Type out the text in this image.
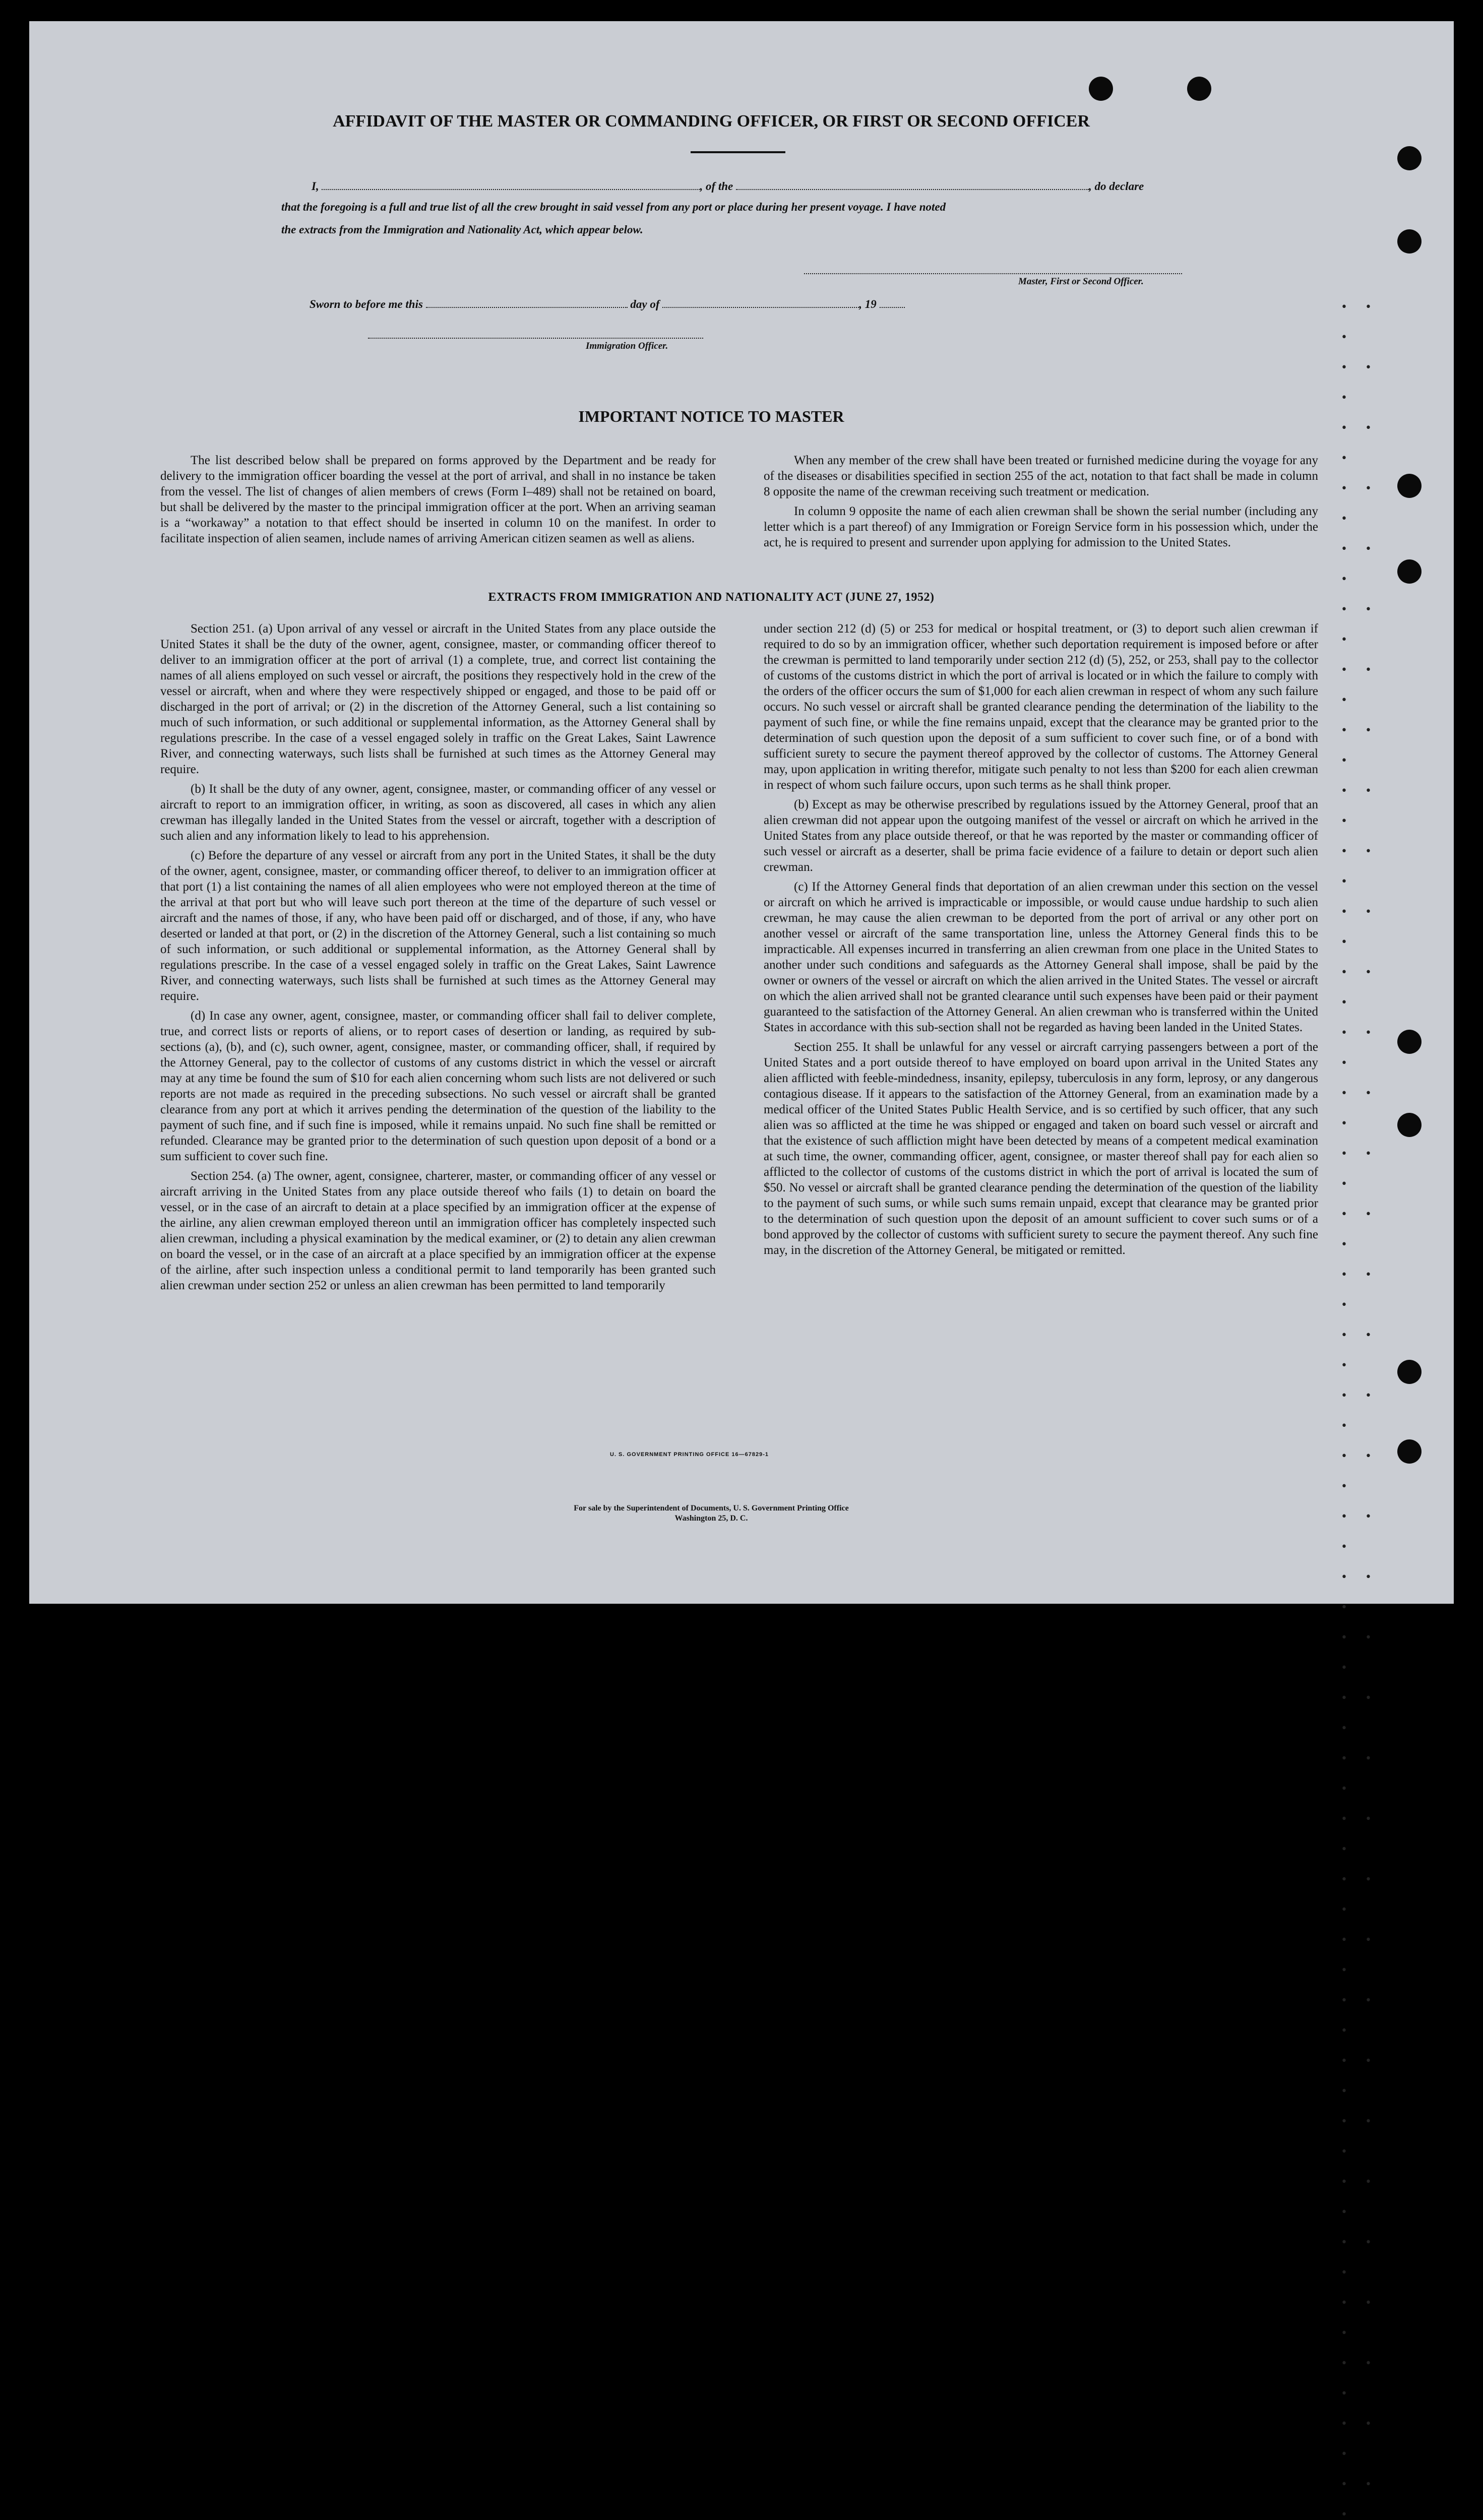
• • •
• • •
• • •
• • •
• • •
• • •
• • •
• • •
• • •
• • •
• • •
• • •
• • •
• • •
• • •
• • •
• • •
• • •
• • •
• • •
• • •
• • •
• • •
• • •
• • •
• • •
• • •
• • •
• • •
• • •
• • •
• • •
• • •
• • •
• • •
• • •
• • •

AFFIDAVIT OF THE MASTER OR COMMANDING OFFICER, OR FIRST OR SECOND OFFICER
I,	, of the	, do declare
that the foregoing is a full and true list of all the crew brought in said vessel from any port or place during her present voyage. I have noted
the extracts from the Immigration and Nationality Act, which appear below.
Master, First or Second Officer.
Sworn to before me this	day of	, 19
Immigration Officer.
IMPORTANT NOTICE TO MASTER

The list described below shall be prepared on forms approved by the Department and be ready for delivery to the immigration officer boarding the vessel at the port of arrival, and shall in no instance be taken from the vessel. The list of changes of alien members of crews (Form I–489) shall not be retained on board, but shall be delivered by the master to the principal immigration officer at the port. When an arriving seaman is a “workaway” a notation to that effect should be inserted in column 10 on the manifest. In order to facilitate inspection of alien seamen, include names of arriving American citizen seamen as well as aliens.

When any member of the crew shall have been treated or furnished medicine during the voyage for any of the diseases or disabilities specified in section 255 of the act, notation to that fact shall be made in column 8 opposite the name of the crewman receiving such treatment or medication.

In column 9 opposite the name of each alien crewman shall be shown the serial number (including any letter which is a part thereof) of any Immigration or Foreign Service form in his possession which, under the act, he is required to present and surrender upon applying for admission to the United States.

EXTRACTS FROM IMMIGRATION AND NATIONALITY ACT (JUNE 27, 1952)

Section 251. (a) Upon arrival of any vessel or aircraft in the United States from any place outside the United States it shall be the duty of the owner, agent, consignee, master, or commanding officer thereof to deliver to an immigration officer at the port of arrival (1) a complete, true, and correct list containing the names of all aliens employed on such vessel or aircraft, the positions they respectively hold in the crew of the vessel or aircraft, when and where they were respectively shipped or engaged, and those to be paid off or discharged in the port of arrival; or (2) in the discretion of the Attorney General, such a list containing so much of such information, or such additional or supplemental information, as the Attorney General shall by regulations prescribe. In the case of a vessel engaged solely in traffic on the Great Lakes, Saint Lawrence River, and connecting waterways, such lists shall be furnished at such times as the Attorney General may require.

(b) It shall be the duty of any owner, agent, consignee, master, or commanding officer of any vessel or aircraft to report to an immigration officer, in writing, as soon as discovered, all cases in which any alien crewman has illegally landed in the United States from the vessel or aircraft, together with a description of such alien and any information likely to lead to his apprehension.

(c) Before the departure of any vessel or aircraft from any port in the United States, it shall be the duty of the owner, agent, consignee, master, or commanding officer thereof, to deliver to an immigration officer at that port (1) a list containing the names of all alien employees who were not employed thereon at the time of the arrival at that port but who will leave such port thereon at the time of the departure of such vessel or aircraft and the names of those, if any, who have been paid off or discharged, and of those, if any, who have deserted or landed at that port, or (2) in the discretion of the Attorney General, such a list containing so much of such information, or such additional or supplemental information, as the Attorney General shall by regulations prescribe. In the case of a vessel engaged solely in traffic on the Great Lakes, Saint Lawrence River, and connecting waterways, such lists shall be furnished at such times as the Attorney General may require.

(d) In case any owner, agent, consignee, master, or commanding officer shall fail to deliver complete, true, and correct lists or reports of aliens, or to report cases of desertion or landing, as required by sub-sections (a), (b), and (c), such owner, agent, consignee, master, or commanding officer, shall, if required by the Attorney General, pay to the collector of customs of any customs district in which the vessel or aircraft may at any time be found the sum of $10 for each alien concerning whom such lists are not delivered or such reports are not made as required in the preceding subsections. No such vessel or aircraft shall be granted clearance from any port at which it arrives pending the determination of the question of the liability to the payment of such fine, and if such fine is imposed, while it remains unpaid. No such fine shall be remitted or refunded. Clearance may be granted prior to the determination of such question upon deposit of a bond or a sum sufficient to cover such fine.

Section 254. (a) The owner, agent, consignee, charterer, master, or commanding officer of any vessel or aircraft arriving in the United States from any place outside thereof who fails (1) to detain on board the vessel, or in the case of an aircraft to detain at a place specified by an immigration officer at the expense of the airline, any alien crewman employed thereon until an immigration officer has completely inspected such alien crewman, including a physical examination by the medical examiner, or (2) to detain any alien crewman on board the vessel, or in the case of an aircraft at a place specified by an immigration officer at the expense of the airline, after such inspection unless a conditional permit to land temporarily has been granted such alien crewman under section 252 or unless an alien crewman has been permitted to land temporarily

under section 212 (d) (5) or 253 for medical or hospital treatment, or (3) to deport such alien crewman if required to do so by an immigration officer, whether such deportation requirement is imposed before or after the crewman is permitted to land temporarily under section 212 (d) (5), 252, or 253, shall pay to the collector of customs of the customs district in which the port of arrival is located or in which the failure to comply with the orders of the officer occurs the sum of $1,000 for each alien crewman in respect of whom any such failure occurs. No such vessel or aircraft shall be granted clearance pending the determination of the liability to the payment of such fine, or while the fine remains unpaid, except that the clearance may be granted prior to the determination of such question upon the deposit of a sum sufficient to cover such fine, or of a bond with sufficient surety to secure the payment thereof approved by the collector of customs. The Attorney General may, upon application in writing therefor, mitigate such penalty to not less than $200 for each alien crewman in respect of whom such failure occurs, upon such terms as he shall think proper.

(b) Except as may be otherwise prescribed by regulations issued by the Attorney General, proof that an alien crewman did not appear upon the outgoing manifest of the vessel or aircraft on which he arrived in the United States from any place outside thereof, or that he was reported by the master or commanding officer of such vessel or aircraft as a deserter, shall be prima facie evidence of a failure to detain or deport such alien crewman.

(c) If the Attorney General finds that deportation of an alien crewman under this section on the vessel or aircraft on which he arrived is impracticable or impossible, or would cause undue hardship to such alien crewman, he may cause the alien crewman to be deported from the port of arrival or any other port on another vessel or aircraft of the same transportation line, unless the Attorney General finds this to be impracticable. All expenses incurred in transferring an alien crewman from one place in the United States to another under such conditions and safeguards as the Attorney General shall impose, shall be paid by the owner or owners of the vessel or aircraft on which the alien arrived in the United States. The vessel or aircraft on which the alien arrived shall not be granted clearance until such expenses have been paid or their payment guaranteed to the satisfaction of the Attorney General. An alien crewman who is transferred within the United States in accordance with this sub-section shall not be regarded as having been landed in the United States.

Section 255. It shall be unlawful for any vessel or aircraft carrying passengers between a port of the United States and a port outside thereof to have employed on board upon arrival in the United States any alien afflicted with feeble-mindedness, insanity, epilepsy, tuberculosis in any form, leprosy, or any dangerous contagious disease. If it appears to the satisfaction of the Attorney General, from an examination made by a medical officer of the United States Public Health Service, and is so certified by such officer, that any such alien was so afflicted at the time he was shipped or engaged and taken on board such vessel or aircraft and that the existence of such affliction might have been detected by means of a competent medical examination at such time, the owner, commanding officer, agent, consignee, or master thereof shall pay for each alien so afflicted to the collector of customs of the customs district in which the port of arrival is located the sum of $50. No vessel or aircraft shall be granted clearance pending the determination of the question of the liability to the payment of such sums, or while such sums remain unpaid, except that clearance may be granted prior to the determination of such question upon the deposit of an amount sufficient to cover such sums or of a bond approved by the collector of customs with sufficient surety to secure the payment thereof. Any such fine may, in the discretion of the Attorney General, be mitigated or remitted.

U. S. GOVERNMENT PRINTING OFFICE 16—67829-1
For sale by the Superintendent of Documents, U. S. Government Printing Office
Washington 25, D. C.
